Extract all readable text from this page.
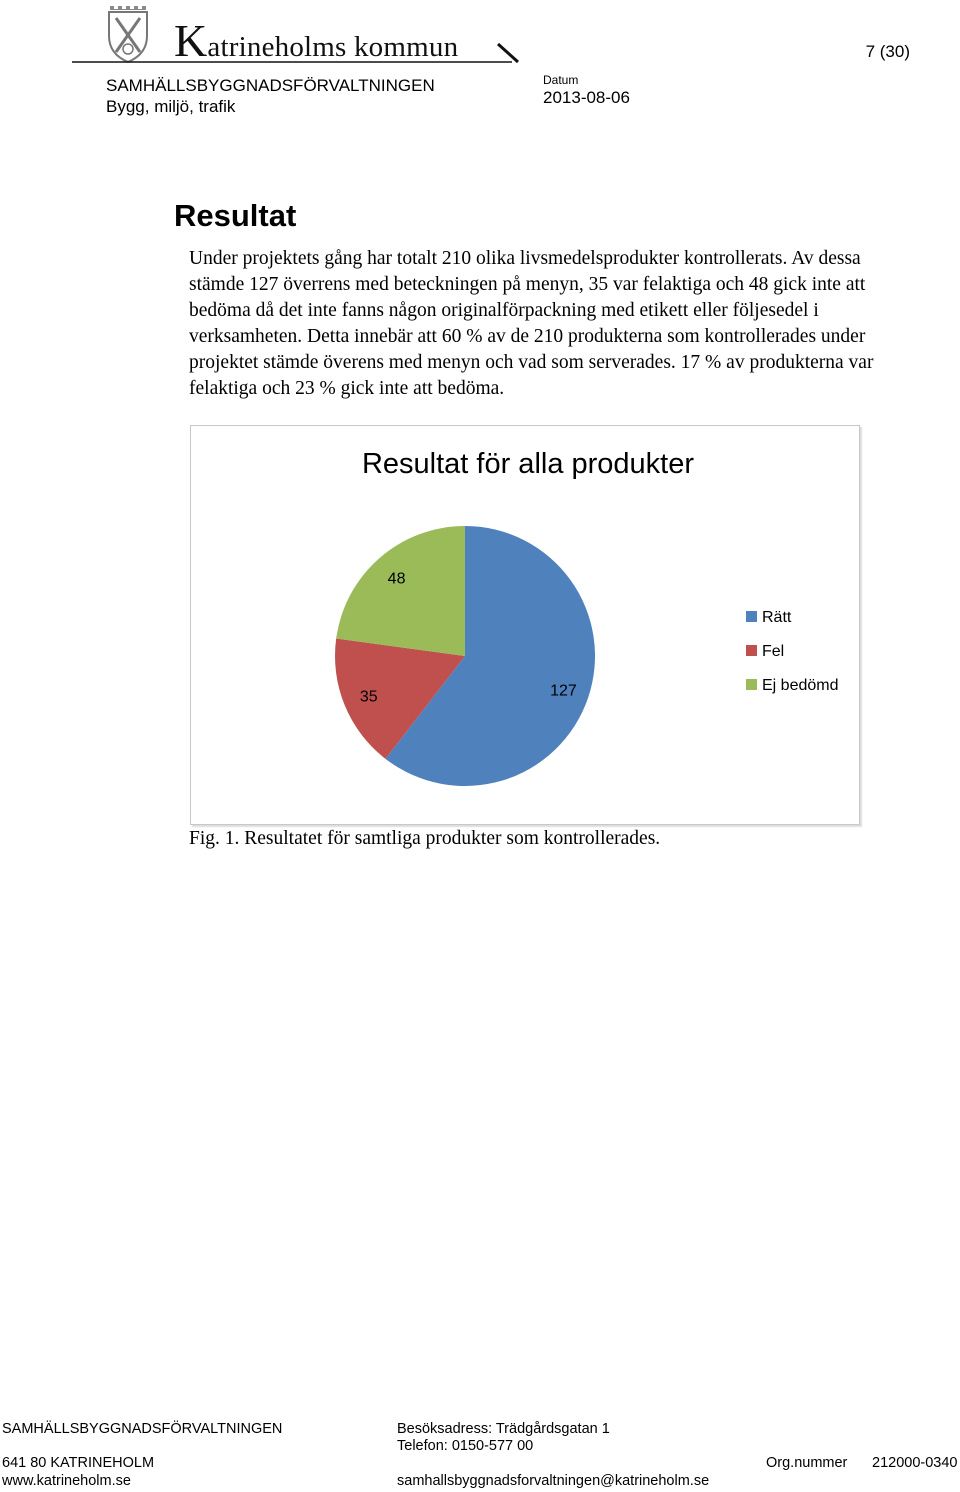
Katrineholms kommun
SAMHÄLLSBYGGNADSFÖRVALTNINGEN
Bygg, miljö, trafik
Datum
2013-08-06
7 (30)
Resultat
Under projektets gång har totalt 210 olika livsmedelsprodukter kontrollerats. Av dessa stämde 127 överrens med beteckningen på menyn, 35 var felaktiga och 48 gick inte att bedöma då det inte fanns någon originalförpackning med etikett eller följesedel i verksamheten. Detta innebär att 60 % av de 210 produkterna som kontrollerades under projektet stämde överens med menyn och vad som serverades. 17 % av produkterna var felaktiga och 23 % gick inte att bedöma.
Resultat för alla produkter
127
35
48
Rätt
Fel
Ej bedömd
Fig. 1. Resultatet för samtliga produkter som kontrollerades.
SAMHÄLLSBYGGNADSFÖRVALTNINGEN
641 80 KATRINEHOLM
www.katrineholm.se
Besöksadress: Trädgårdsgatan 1
Telefon: 0150-577 00
samhallsbyggnadsforvaltningen@katrineholm.se
Org.nummer 212000-0340
